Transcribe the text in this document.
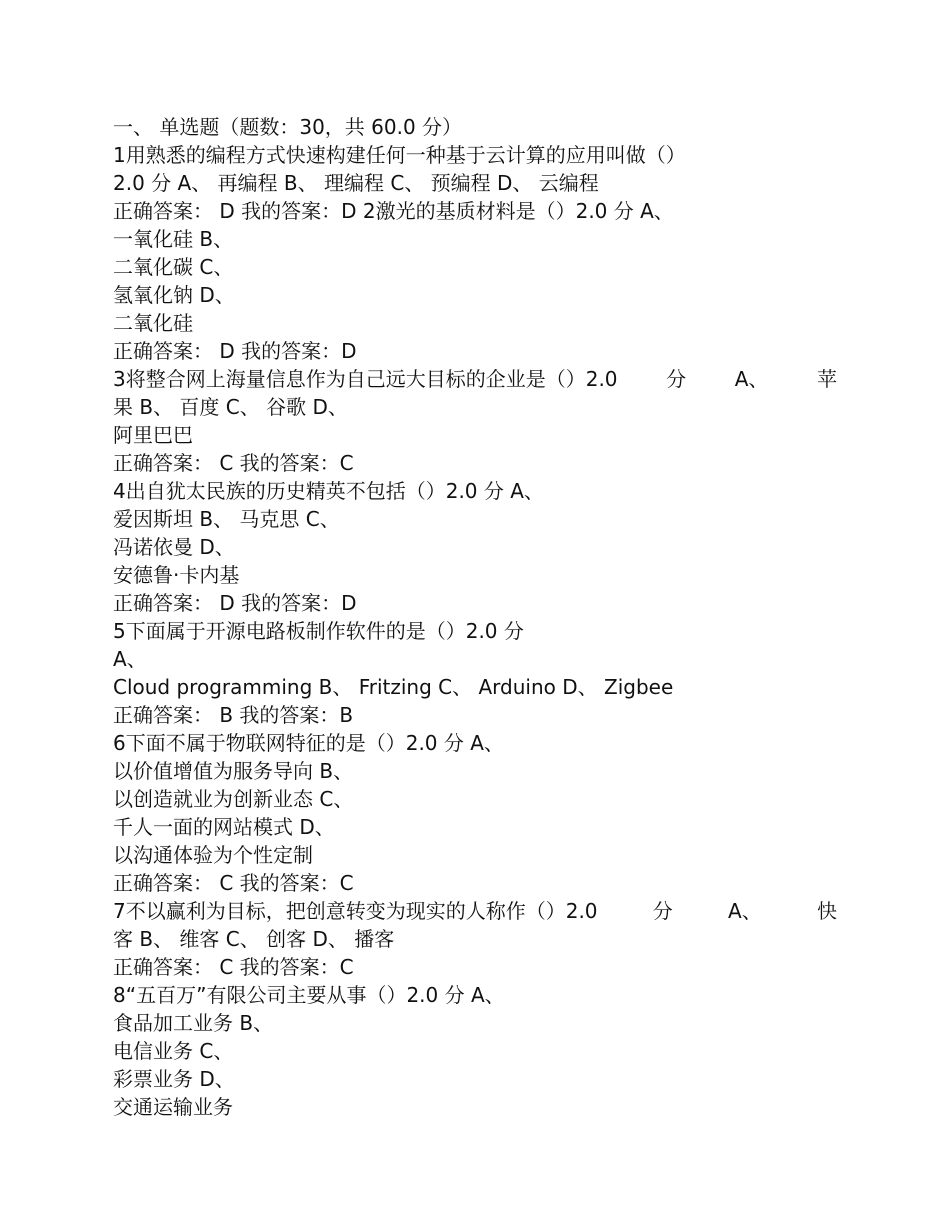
一、 单选题（题数：30，共 60.0 分）
1用熟悉的编程方式快速构建任何一种基于云计算的应用叫做（）
2.0 分 A、 再编程 B、 理编程 C、 预编程 D、 云编程
正确答案： D 我的答案：D 2激光的基质材料是（）2.0 分 A、
一氧化硅 B、
二氧化碳 C、
氢氧化钠 D、
二氧化硅
正确答案： D 我的答案：D
3将整合网上海量信息作为自己远大目标的企业是（）2.0 分 A、 苹
果 B、 百度 C、 谷歌 D、
阿里巴巴
正确答案： C 我的答案：C
4出自犹太民族的历史精英不包括（）2.0 分 A、
爱因斯坦 B、 马克思 C、
冯诺依曼 D、
安德鲁·卡内基
正确答案： D 我的答案：D
5下面属于开源电路板制作软件的是（）2.0 分
A、
Cloud programming B、 Fritzing C、 Arduino D、 Zigbee
正确答案： B 我的答案：B
6下面不属于物联网特征的是（）2.0 分 A、
以价值增值为服务导向 B、
以创造就业为创新业态 C、
千人一面的网站模式 D、
以沟通体验为个性定制
正确答案： C 我的答案：C
7不以赢利为目标，把创意转变为现实的人称作（）2.0	分	A、	快
客 B、 维客 C、 创客 D、 播客
正确答案： C 我的答案：C
8“五百万”有限公司主要从事（）2.0 分 A、
食品加工业务 B、
电信业务 C、
彩票业务 D、
交通运输业务
